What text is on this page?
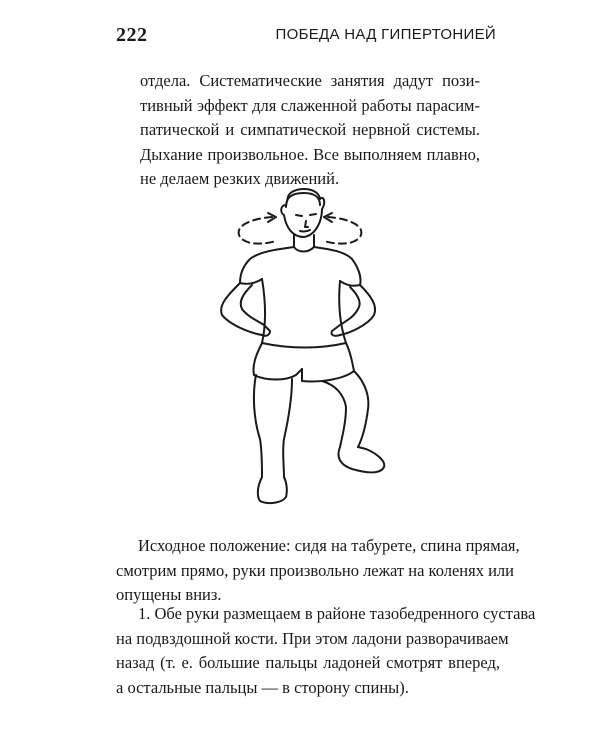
222	ПОБЕДА НАД ГИПЕРТОНИЕЙ

отдела. Систематические занятия дадут пози-
тивный эффект для слаженной работы парасим-
патической и симпатической нервной системы.
Дыхание произвольное. Все выполняем плавно,
не делаем резких движений.

Исходное положение: сидя на табурете, спина прямая,
смотрим прямо, руки произвольно лежат на коленях или
опущены вниз.

1. Обе руки размещаем в районе тазобедренного сустава
на подвздошной кости. При этом ладони разворачиваем
назад (т. е. большие пальцы ладоней смотрят вперед,
а остальные пальцы — в сторону спины).
